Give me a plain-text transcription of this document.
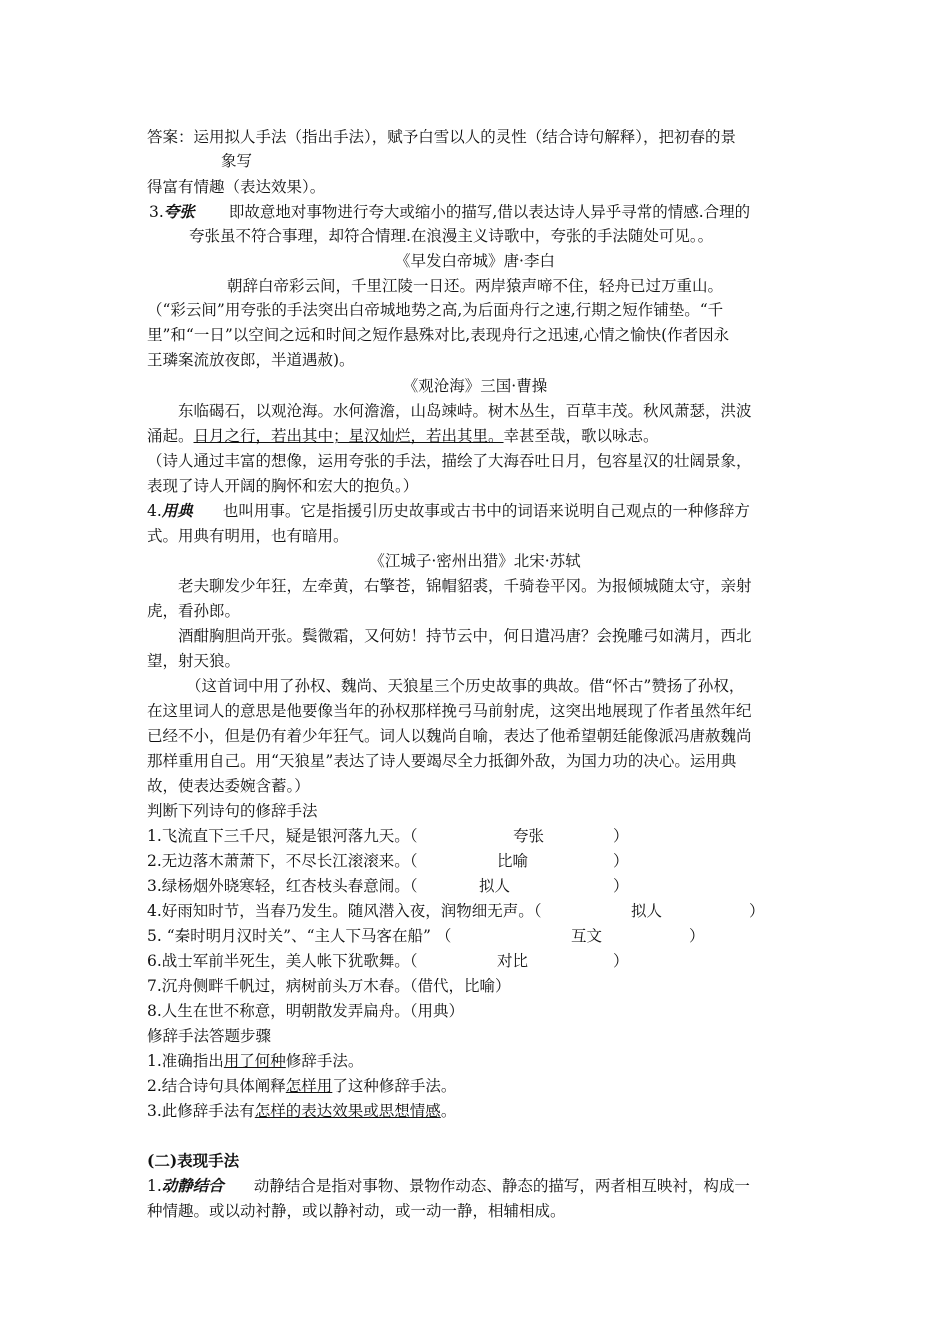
答案：运用拟人手法（指出手法），赋予白雪以人的灵性（结合诗句解释），把初春的景
象写
得富有情趣（表达效果）。
3.夸张 即故意地对事物进行夸大或缩小的描写,借以表达诗人异乎寻常的情感.合理的
夸张虽不符合事理，却符合情理.在浪漫主义诗歌中，夸张的手法随处可见。。
《早发白帝城》唐·李白
朝辞白帝彩云间，千里江陵一日还。两岸猿声啼不住，轻舟已过万重山。
（“彩云间”用夸张的手法突出白帝城地势之高,为后面舟行之速,行期之短作铺垫。“千
里”和“一日”以空间之远和时间之短作悬殊对比,表现舟行之迅速,心情之愉快(作者因永
王璘案流放夜郎，半道遇赦)。
《观沧海》三国·曹操
东临碣石，以观沧海。水何澹澹，山岛竦峙。树木丛生，百草丰茂。秋风萧瑟，洪波
涌起。日月之行，若出其中；星汉灿烂，若出其里。幸甚至哉，歌以咏志。
（诗人通过丰富的想像，运用夸张的手法，描绘了大海吞吐日月，包容星汉的壮阔景象，
表现了诗人开阔的胸怀和宏大的抱负。）
4.用典 也叫用事。它是指援引历史故事或古书中的词语来说明自己观点的一种修辞方
式。用典有明用，也有暗用。
《江城子·密州出猎》北宋·苏轼
老夫聊发少年狂，左牵黄，右擎苍，锦帽貂裘，千骑卷平冈。为报倾城随太守，亲射
虎，看孙郎。
酒酣胸胆尚开张。鬓微霜，又何妨！持节云中，何日遣冯唐？会挽雕弓如满月，西北
望，射天狼。
（这首词中用了孙权、魏尚、天狼星三个历史故事的典故。借“怀古”赞扬了孙权，
在这里词人的意思是他要像当年的孙权那样挽弓马前射虎，这突出地展现了作者虽然年纪
已经不小，但是仍有着少年狂气。词人以魏尚自喻，表达了他希望朝廷能像派冯唐赦魏尚
那样重用自己。用“天狼星”表达了诗人要竭尽全力抵御外敌，为国力功的决心。运用典
故，使表达委婉含蓄。）
判断下列诗句的修辞手法
1.飞流直下三千尺，疑是银河落九天。（	夸张	）
2.无边落木萧萧下，不尽长江滚滚来。（	比喻	）
3.绿杨烟外晓寒轻，红杏枝头春意闹。（	拟人	）
4.好雨知时节，当春乃发生。随风潜入夜，润物细无声。（	拟人	）
5. “秦时明月汉时关”、“主人下马客在船” （	互文	）
6.战士军前半死生，美人帐下犹歌舞。（	对比	）
7.沉舟侧畔千帆过，病树前头万木春。（借代，比喻）
8.人生在世不称意，明朝散发弄扁舟。（用典）
修辞手法答题步骤
1.准确指出用了何种修辞手法。
2.结合诗句具体阐释怎样用了这种修辞手法。
3.此修辞手法有怎样的表达效果或思想情感。
(二)表现手法
1.动静结合 动静结合是指对事物、景物作动态、静态的描写，两者相互映衬，构成一
种情趣。或以动衬静，或以静衬动，或一动一静，相辅相成。
